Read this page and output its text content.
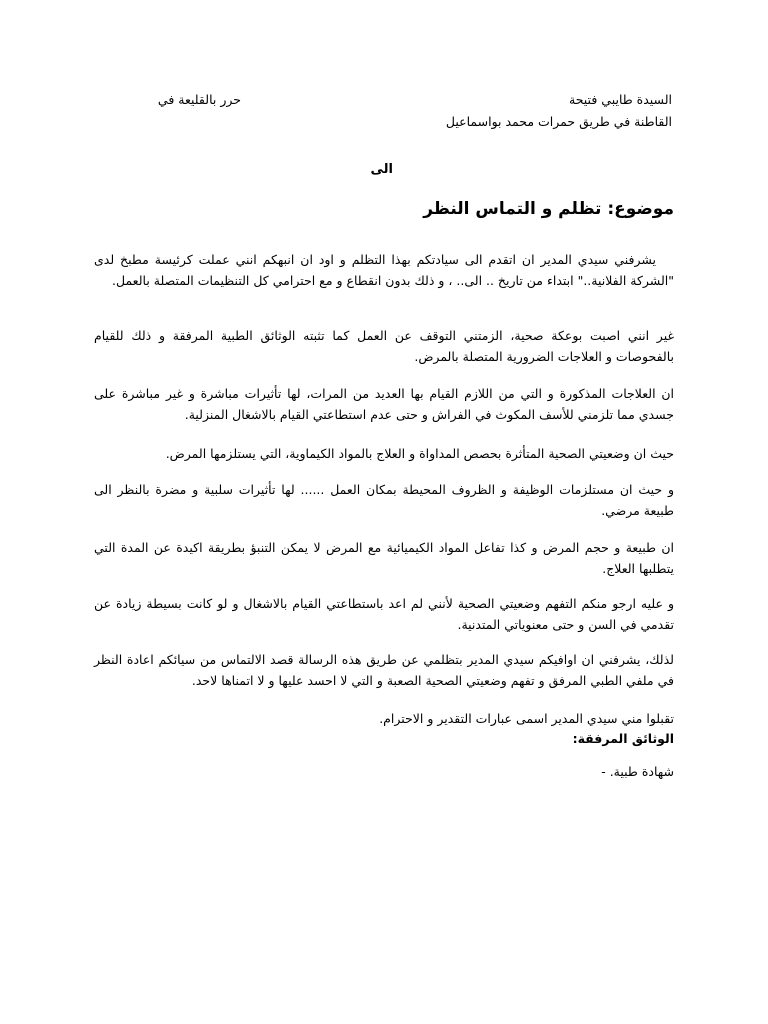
السيدة طايبي فتيحة
القاطنة في طريق حمرات محمد بواسماعيل
حرر بالقليعة في
الى
موضوع: تظلم و التماس النظر

يشرفني سيدي المدير ان اتقدم الى سيادتكم بهذا التظلم و اود ان انبهكم انني عملت كرئيسة مطبخ لدى "الشركة الفلانية.." ابتداء من تاريخ .. الى.. ، و ذلك بدون انقطاع و مع احترامي كل التنظيمات المتصلة بالعمل.

غير انني اصبت بوعكة صحية، الزمتني التوقف عن العمل كما تثبته الوثائق الطبية المرفقة و ذلك للقيام بالفحوصات و العلاجات الضرورية المتصلة بالمرض.

ان العلاجات المذكورة و التي من اللازم القيام بها العديد من المرات، لها تأثيرات مباشرة و غير مباشرة على جسدي مما تلزمني للأسف المكوث في الفراش و حتى عدم استطاعتي القيام بالاشغال المنزلية.

حيث ان وضعيتي الصحية المتأثرة بحصص المداواة و العلاج بالمواد الكيماوية، التي يستلزمها المرض.

و حيث ان مستلزمات الوظيفة و الظروف المحيطة بمكان العمل ...... لها تأثيرات سلبية و مضرة بالنظر الى طبيعة مرضي.

ان طبيعة و حجم المرض و كذا تفاعل المواد الكيميائية مع المرض لا يمكن التنبؤ بطريقة اكيدة عن المدة التي يتطلبها العلاج.

و عليه ارجو منكم التفهم وضعيتي الصحية لأنني لم اعد باستطاعتي القيام بالاشغال و لو كانت بسيطة زيادة عن تقدمي في السن و حتى معنوياتي المتدنية.

لذلك، يشرفني ان اوافيكم سيدي المدير بتظلمي عن طريق هذه الرسالة قصد الالتماس من سيائكم اعادة النظر في ملفي الطبي المرفق و تفهم وضعيتي الصحية الصعبة و التي لا احسد عليها و لا اتمناها لاحد.

تقبلوا مني سيدي المدير اسمى عبارات التقدير و الاحترام.

الوثائق المرفقة:
شهادة طبية. -
